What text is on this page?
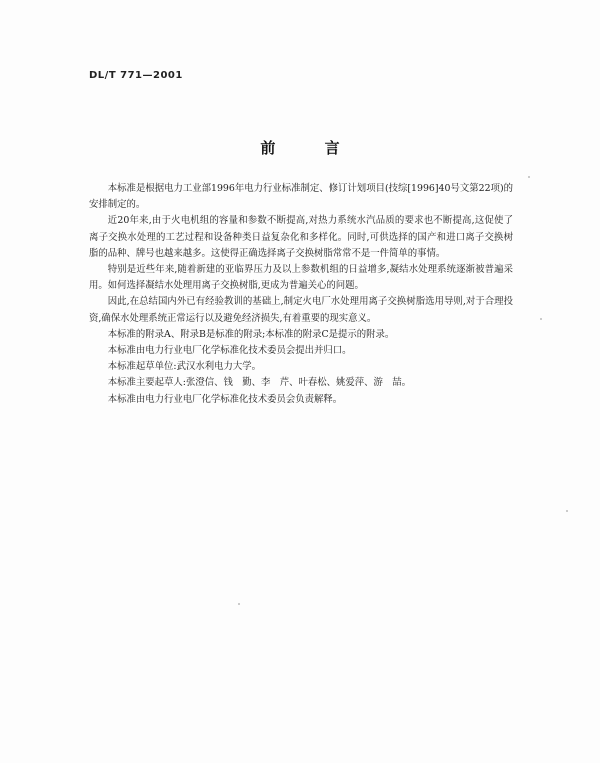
DL/T 771—2001
前 言

本标准是根据电力工业部1996年电力行业标准制定、修订计划项目(技综[1996]40号文第22项)的安排制定的。

近20年来,由于火电机组的容量和参数不断提高,对热力系统水汽品质的要求也不断提高,这促使了离子交换水处理的工艺过程和设备种类日益复杂化和多样化。同时,可供选择的国产和进口离子交换树脂的品种、牌号也越来越多。这使得正确选择离子交换树脂常常不是一件简单的事情。

特别是近些年来,随着新建的亚临界压力及以上参数机组的日益增多,凝结水处理系统逐渐被普遍采用。如何选择凝结水处理用离子交换树脂,更成为普遍关心的问题。

因此,在总结国内外已有经验教训的基础上,制定火电厂水处理用离子交换树脂选用导则,对于合理投资,确保水处理系统正常运行以及避免经济损失,有着重要的现实意义。

本标准的附录A、附录B是标准的附录;本标准的附录C是提示的附录。

本标准由电力行业电厂化学标准化技术委员会提出并归口。

本标准起草单位:武汉水利电力大学。

本标准主要起草人:张澄信、钱　勤、李　芹、叶春松、姚爱萍、游　喆。

本标准由电力行业电厂化学标准化技术委员会负责解释。
